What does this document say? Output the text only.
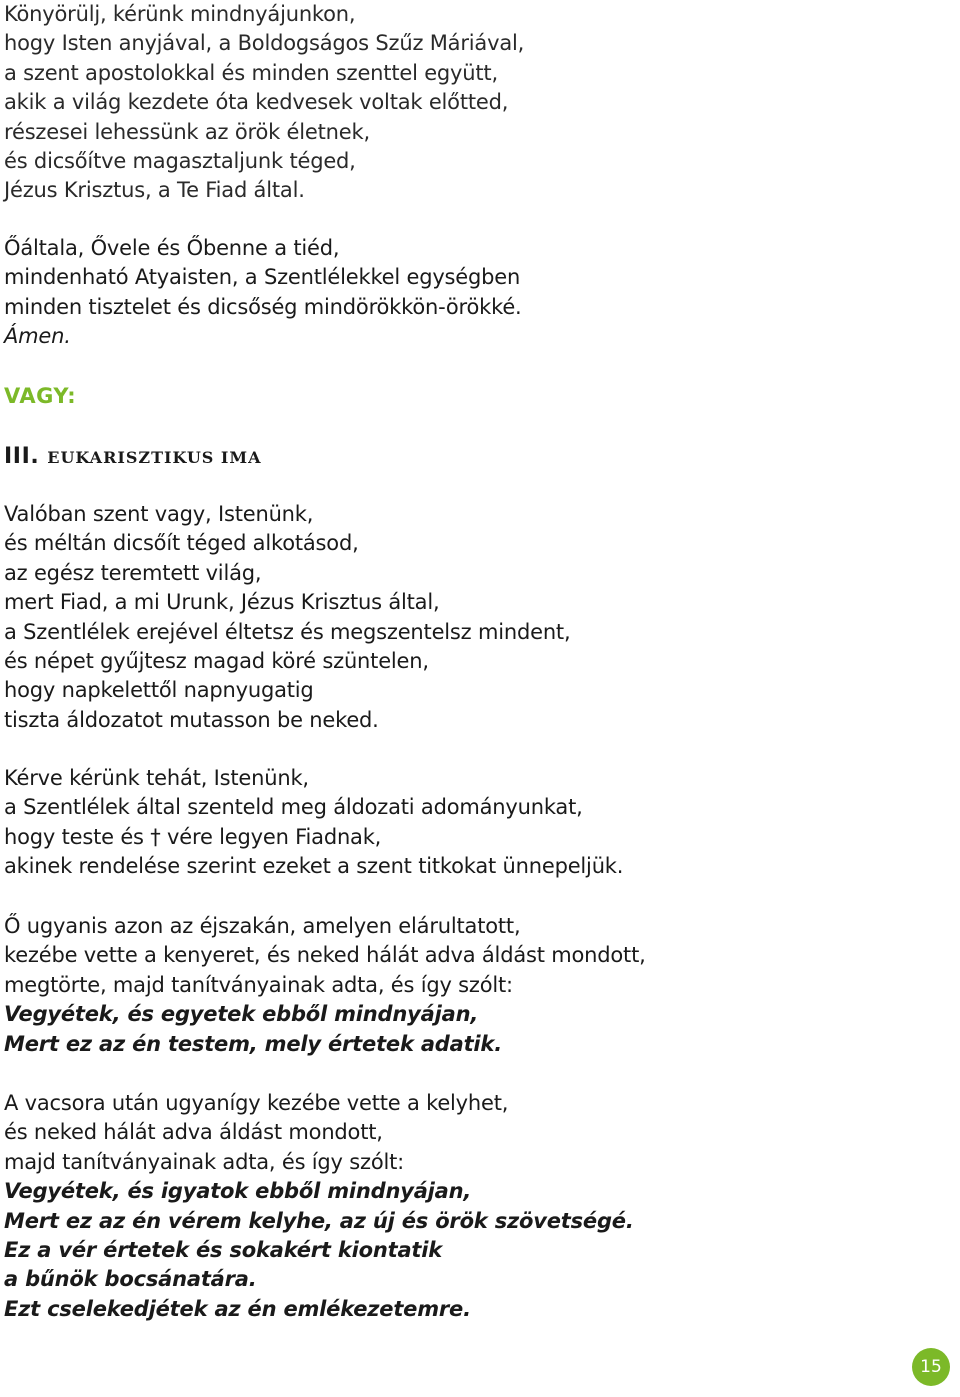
Könyörülj, kérünk mindnyájunkon,
hogy Isten anyjával, a Boldogságos Szűz Máriával,
a szent apostolokkal és minden szenttel együtt,
akik a világ kezdete óta kedvesek voltak előtted,
részesei lehessünk az örök életnek,
és dicsőítve magasztaljunk téged,
Jézus Krisztus, a Te Fiad által.
Őáltala, Ővele és Őbenne a tiéd,
mindenható Atyaisten, a Szentlélekkel egységben
minden tisztelet és dicsőség mindörökkön-örökké.
Ámen.
VAGY:
III. EUKARISZTIKUS IMA
Valóban szent vagy, Istenünk,
és méltán dicsőít téged alkotásod,
az egész teremtett világ,
mert Fiad, a mi Urunk, Jézus Krisztus által,
a Szentlélek erejével éltetsz és megszentelsz mindent,
és népet gyűjtesz magad köré szüntelen,
hogy napkelettől napnyugatig
tiszta áldozatot mutasson be neked.
Kérve kérünk tehát, Istenünk,
a Szentlélek által szenteld meg áldozati adományunkat,
hogy teste és † vére legyen Fiadnak,
akinek rendelése szerint ezeket a szent titkokat ünnepeljük.
Ő ugyanis azon az éjszakán, amelyen elárultatott,
kezébe vette a kenyeret, és neked hálát adva áldást mondott,
megtörte, majd tanítványainak adta, és így szólt:
Vegyétek, és egyetek ebből mindnyájan,
Mert ez az én testem, mely értetek adatik.
A vacsora után ugyanígy kezébe vette a kelyhet,
és neked hálát adva áldást mondott,
majd tanítványainak adta, és így szólt:
Vegyétek, és igyatok ebből mindnyájan,
Mert ez az én vérem kelyhe, az új és örök szövetségé.
Ez a vér értetek és sokakért kiontatik
a bűnök bocsánatára.
Ezt cselekedjétek az én emlékezetemre.
15
